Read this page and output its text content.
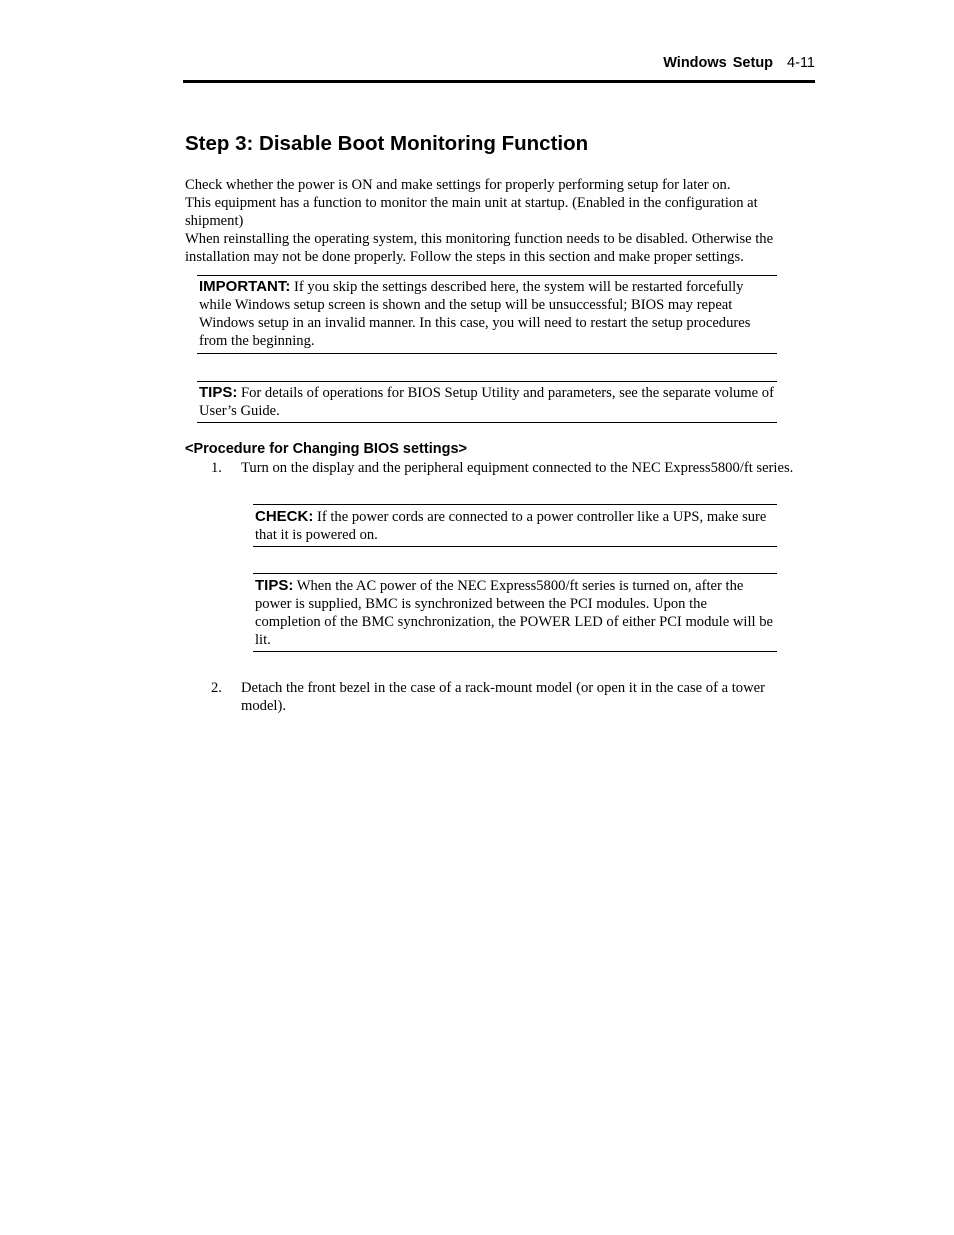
Windows Setup 4-11
Step 3: Disable Boot Monitoring Function

Check whether the power is ON and make settings for properly performing setup for later on.

This equipment has a function to monitor the main unit at startup. (Enabled in the configuration at shipment)

When reinstalling the operating system, this monitoring function needs to be disabled. Otherwise the installation may not be done properly. Follow the steps in this section and make proper settings.

IMPORTANT: If you skip the settings described here, the system will be restarted forcefully while Windows setup screen is shown and the setup will be unsuccessful; BIOS may repeat Windows setup in an invalid manner. In this case, you will need to restart the setup procedures from the beginning.
TIPS: For details of operations for BIOS Setup Utility and parameters, see the separate volume of User’s Guide.
<Procedure for Changing BIOS settings>
1. Turn on the display and the peripheral equipment connected to the NEC Express5800/ft series.
CHECK: If the power cords are connected to a power controller like a UPS, make sure that it is powered on.
TIPS: When the AC power of the NEC Express5800/ft series is turned on, after the power is supplied, BMC is synchronized between the PCI modules. Upon the completion of the BMC synchronization, the POWER LED of either PCI module will be lit.
2. Detach the front bezel in the case of a rack-mount model (or open it in the case of a tower model).
